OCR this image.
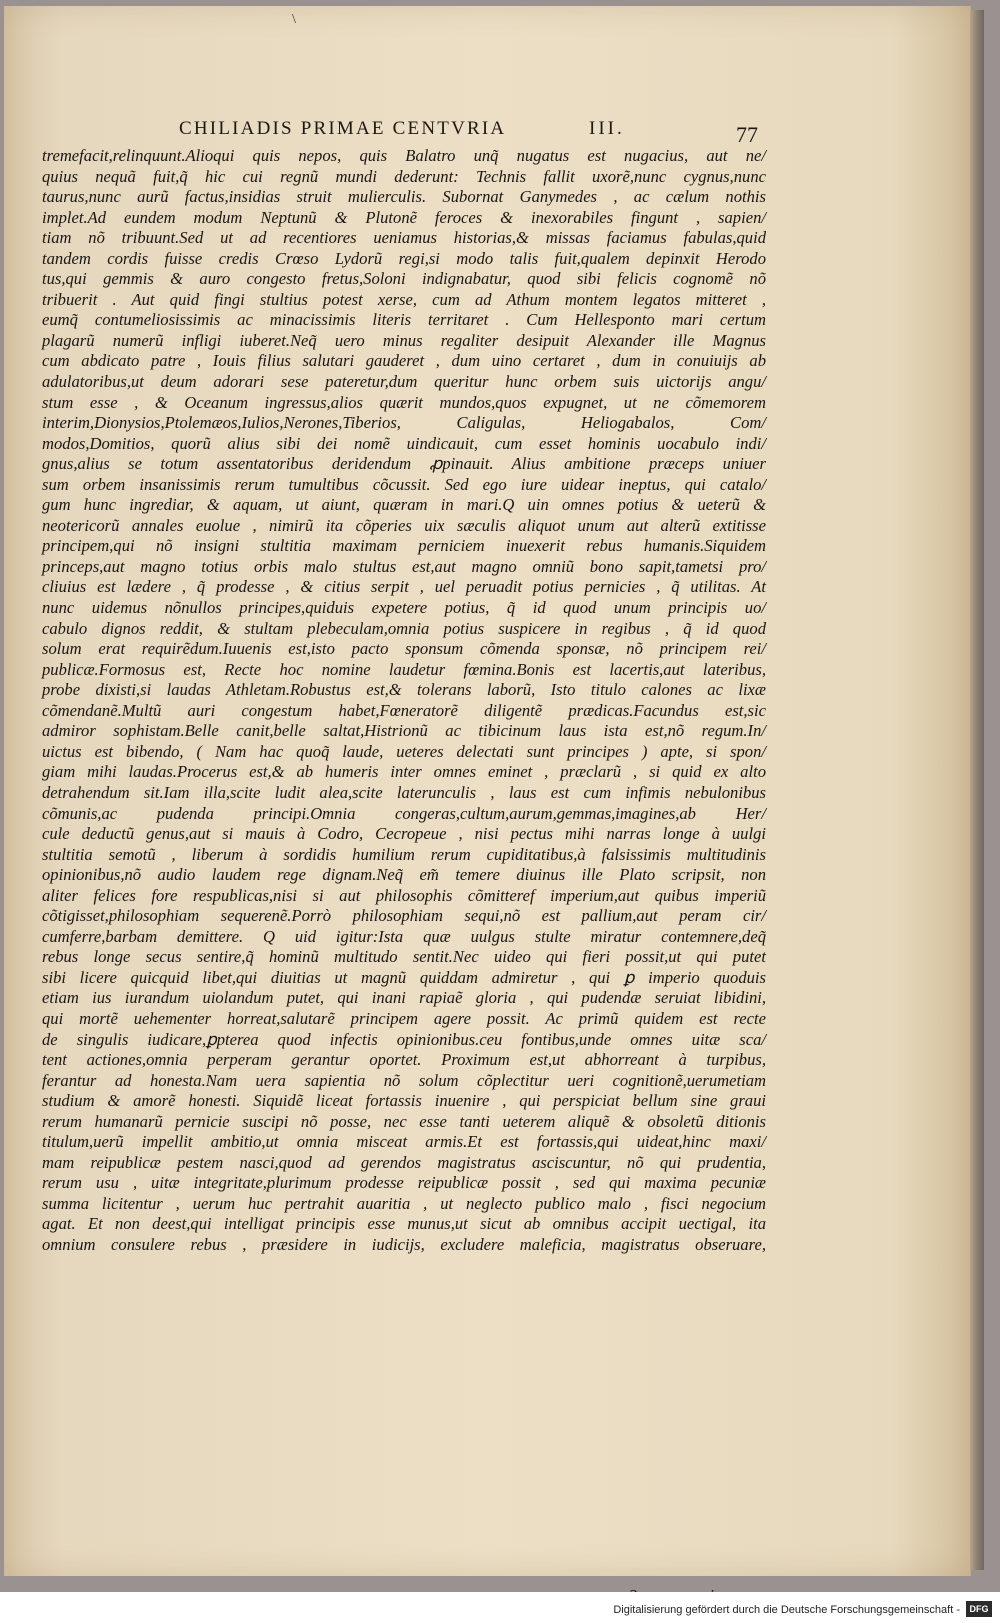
\
CHILIADIS PRIMAE CENTVRIA	III.	77
tremefacit,relinquunt.Alioqui quis nepos, quis Balatro unq̃ nugatus est nugacius, aut ne/
quius nequã fuit,q̃ hic cui regnũ mundi dederunt: Technis fallit uxorẽ,nunc cygnus,nunc
taurus,nunc aurũ factus,insidias struit mulierculis. Subornat Ganymedes , ac cælum nothis
implet.Ad eundem modum Neptunũ & Plutonẽ feroces & inexorabiles fingunt , sapien/
tiam nõ tribuunt.Sed ut ad recentiores ueniamus historias,& missas faciamus fabulas,quid
tandem cordis fuisse credis Crœso Lydorũ regi,si modo talis fuit,qualem depinxit Herodo
tus,qui gemmis & auro congesto fretus,Soloni indignabatur, quod sibi felicis cognomẽ nõ
tribuerit . Aut quid fingi stultius potest xerse, cum ad Athum montem legatos mitteret ,
eumq̃ contumeliosissimis ac minacissimis literis territaret . Cum Hellesponto mari certum
plagarũ numerũ infligi iuberet.Neq̃ uero minus regaliter desipuit Alexander ille Magnus
cum abdicato patre , Iouis filius salutari gauderet , dum uino certaret , dum in conuiuijs ab
adulatoribus,ut deum adorari sese pateretur,dum queritur hunc orbem suis uictorijs angu/
stum esse , & Oceanum ingressus,alios quærit mundos,quos expugnet, ut ne cõmemorem
interim,Dionysios,Ptolemæos,Iulios,Nerones,Tiberios, Caligulas, Heliogabalos, Com/
modos,Domitios, quorũ alius sibi dei nomẽ uindicauit, cum esset hominis uocabulo indi/
gnus,alius se totum assentatoribus deridendum ꝓpinauit. Alius ambitione præceps uniuer
sum orbem insanissimis rerum tumultibus cõcussit. Sed ego iure uidear ineptus, qui catalo/
gum hunc ingrediar, & aquam, ut aiunt, quæram in mari.Q uin omnes potius & ueterũ &
neotericorũ annales euolue , nimirũ ita cõperies uix sæculis aliquot unum aut alterũ extitisse
principem,qui nõ insigni stultitia maximam perniciem inuexerit rebus humanis.Siquidem
princeps,aut magno totius orbis malo stultus est,aut magno omniũ bono sapit,tametsi pro/
cliuius est lædere , q̃ prodesse , & citius serpit , uel peruadit potius pernicies , q̃ utilitas. At
nunc uidemus nõnullos principes,quiduis expetere potius, q̃ id quod unum principis uo/
cabulo dignos reddit, & stultam plebeculam,omnia potius suspicere in regibus , q̃ id quod
solum erat requirẽdum.Iuuenis est,isto pacto sponsum cõmenda sponsæ, nõ principem rei/
publicæ.Formosus est, Recte hoc nomine laudetur fœmina.Bonis est lacertis,aut lateribus,
probe dixisti,si laudas Athletam.Robustus est,& tolerans laborũ, Isto titulo calones ac lixæ
cõmendanẽ.Multũ auri congestum habet,Fœneratorẽ diligentẽ prædicas.Facundus est,sic
admiror sophistam.Belle canit,belle saltat,Histrionũ ac tibicinum laus ista est,nõ regum.In/
uictus est bibendo, ( Nam hac quoq̃ laude, ueteres delectati sunt principes ) apte, si spon/
giam mihi laudas.Procerus est,& ab humeris inter omnes eminet , præclarũ , si quid ex alto
detrahendum sit.Iam illa,scite ludit alea,scite laterunculis , laus est cum infimis nebulonibus
cõmunis,ac pudenda principi.Omnia congeras,cultum,aurum,gemmas,imagines,ab Her/
cule deductũ genus,aut si mauis à Codro, Cecropeue , nisi pectus mihi narras longe à uulgi
stultitia semotũ , liberum à sordidis humilium rerum cupiditatibus,à falsissimis multitudinis
opinionibus,nõ audio laudem rege dignam.Neq̃ em̃ temere diuinus ille Plato scripsit, non
aliter felices fore respublicas,nisi si aut philosophis cõmitteref imperium,aut quibus imperiũ
cõtigisset,philosophiam sequerenẽ.Porrò philosophiam sequi,nõ est pallium,aut peram cir/
cumferre,barbam demittere. Q uid igitur:Ista quæ uulgus stulte miratur contemnere,deq̃
rebus longe secus sentire,q̃ hominũ multitudo sentit.Nec uideo qui fieri possit,ut qui putet
sibi licere quicquid libet,qui diuitias ut magnũ quiddam admiretur , qui ꝑ imperio quoduis
etiam ius iurandum uiolandum putet, qui inani rapiaẽ gloria , qui pudendæ seruiat libidini,
qui mortẽ uehementer horreat,salutarẽ principem agere possit. Ac primũ quidem est recte
de singulis iudicare,ꝑpterea quod infectis opinionibus.ceu fontibus,unde omnes uitæ sca/
tent actiones,omnia perperam gerantur oportet. Proximum est,ut abhorreant à turpibus,
ferantur ad honesta.Nam uera sapientia nõ solum cõplectitur ueri cognitionẽ,uerumetiam
studium & amorẽ honesti. Siquidẽ liceat fortassis inuenire , qui perspiciat bellum sine graui
rerum humanarũ pernicie suscipi nõ posse, nec esse tanti ueterem aliquẽ & obsoletũ ditionis
titulum,uerũ impellit ambitio,ut omnia misceat armis.Et est fortassis,qui uideat,hinc maxi/
mam reipublicæ pestem nasci,quod ad gerendos magistratus asciscuntur, nõ qui prudentia,
rerum usu , uitæ integritate,plurimum prodesse reipublicæ possit , sed qui maxima pecuniæ
summa licitentur , uerum huc pertrahit auaritia , ut neglecto publico malo , fisci negocium
agat. Et non deest,qui intelligat principis esse munus,ut sicut ab omnibus accipit uectigal, ita
omnium consulere rebus , præsidere in iudicijs, excludere maleficia, magistratus obseruare,
Digitalisierung gefördert durch die Deutsche Forschungsgemeinschaft -	DFG
